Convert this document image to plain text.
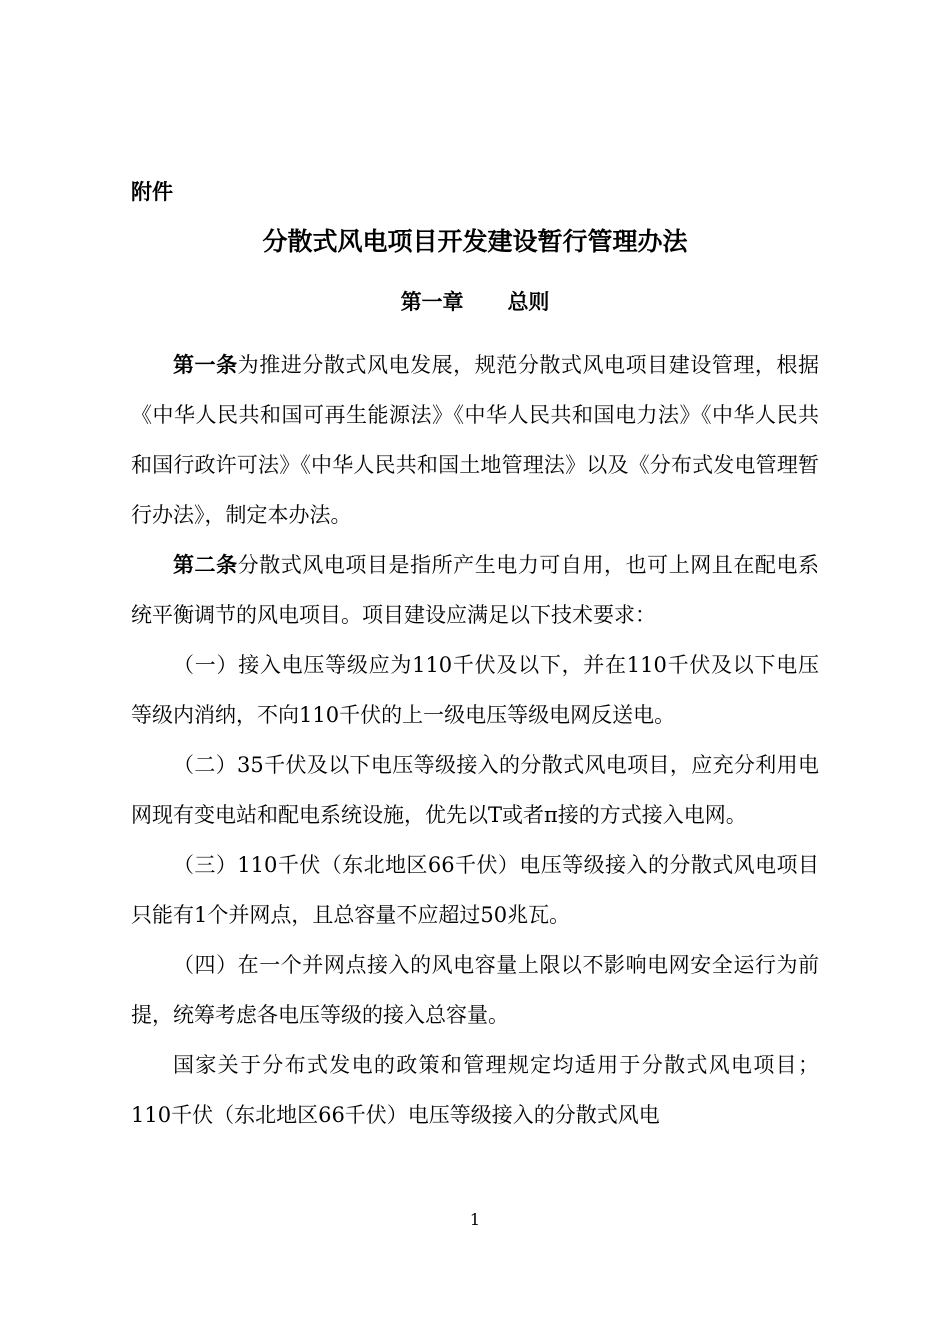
附件
分散式风电项目开发建设暂行管理办法
第一章 总则

第一条为推进分散式风电发展，规范分散式风电项目建设管理，根据《中华人民共和国可再生能源法》《中华人民共和国电力法》《中华人民共和国行政许可法》《中华人民共和国土地管理法》以及《分布式发电管理暂行办法》，制定本办法。

第二条分散式风电项目是指所产生电力可自用，也可上网且在配电系统平衡调节的风电项目。项目建设应满足以下技术要求：

（一）接入电压等级应为110千伏及以下，并在110千伏及以下电压等级内消纳，不向110千伏的上一级电压等级电网反送电。

（二）35千伏及以下电压等级接入的分散式风电项目，应充分利用电网现有变电站和配电系统设施，优先以T或者π接的方式接入电网。

（三）110千伏（东北地区66千伏）电压等级接入的分散式风电项目只能有1个并网点，且总容量不应超过50兆瓦。

（四）在一个并网点接入的风电容量上限以不影响电网安全运行为前提，统筹考虑各电压等级的接入总容量。

国家关于分布式发电的政策和管理规定均适用于分散式风电项目；110千伏（东北地区66千伏）电压等级接入的分散式风电

1
